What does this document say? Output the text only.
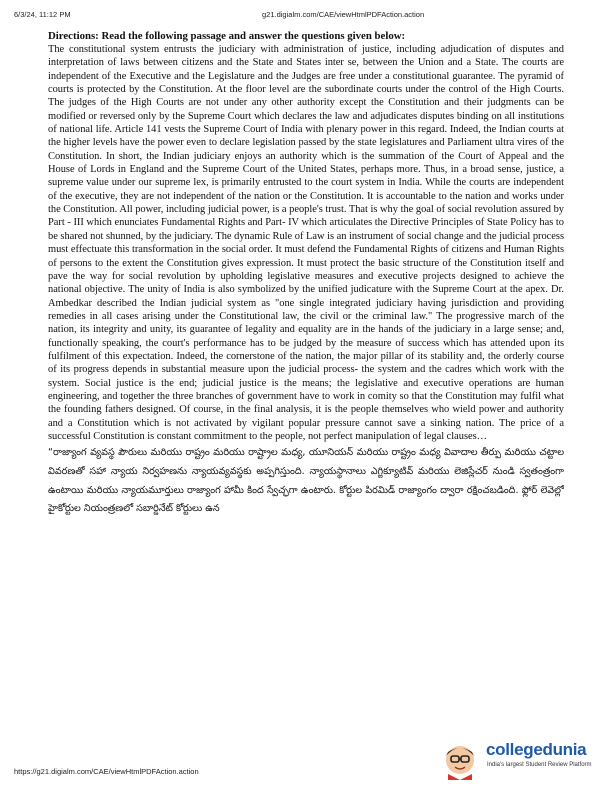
6/3/24, 11:12 PM	g21.digialm.com/CAE/viewHtmlPDFAction.action

Directions: Read the following passage and answer the questions given below:

The constitutional system entrusts the judiciary with administration of justice, including adjudication of disputes and interpretation of laws between citizens and the State and States inter se, between the Union and a State. The courts are independent of the Executive and the Legislature and the Judges are free under a constitutional guarantee. The pyramid of courts is protected by the Constitution. At the floor level are the subordinate courts under the control of the High Courts. The judges of the High Courts are not under any other authority except the Constitution and their judgments can be modified or reversed only by the Supreme Court which declares the law and adjudicates disputes binding on all institutions of national life. Article 141 vests the Supreme Court of India with plenary power in this regard. Indeed, the Indian courts at the higher levels have the power even to declare legislation passed by the state legislatures and Parliament ultra vires of the Constitution. In short, the Indian judiciary enjoys an authority which is the summation of the Court of Appeal and the House of Lords in England and the Supreme Court of the United States, perhaps more. Thus, in a broad sense, justice, a supreme value under our supreme lex, is primarily entrusted to the court system in India. While the courts are independent of the executive, they are not independent of the nation or the Constitution. It is accountable to the nation and works under the Constitution. All power, including judicial power, is a people's trust. That is why the goal of social revolution assured by Part - III which enunciates Fundamental Rights and Part- IV which articulates the Directive Principles of State Policy has to be shared not shunned, by the judiciary. The dynamic Rule of Law is an instrument of social change and the judicial process must effectuate this transformation in the social order. It must defend the Fundamental Rights of citizens and Human Rights of persons to the extent the Constitution gives expression. It must protect the basic structure of the Constitution itself and pave the way for social revolution by upholding legislative measures and executive projects designed to achieve the national objective. The unity of India is also symbolized by the unified judicature with the Supreme Court at the apex. Dr. Ambedkar described the Indian judicial system as "one single integrated judiciary having jurisdiction and providing remedies in all cases arising under the Constitutional law, the civil or the criminal law." The progressive march of the nation, its integrity and unity, its guarantee of legality and equality are in the hands of the judiciary in a large sense; and, functionally speaking, the court's performance has to be judged by the measure of success which has attended upon its fulfilment of this expectation. Indeed, the cornerstone of the nation, the major pillar of its stability and, the orderly course of its progress depends in substantial measure upon the judicial process- the system and the cadres which work with the system. Social justice is the end; judicial justice is the means; the legislative and executive operations are human engineering, and together the three branches of government have to work in comity so that the Constitution may fulfil what the founding fathers designed. Of course, in the final analysis, it is the people themselves who wield power and authority and a Constitution which is not activated by vigilant popular pressure cannot save a sinking nation. The price of a successful Constitution is constant commitment to the people, not perfect manipulation of legal clauses…

“రాజ్యాంగ వ్యవస్థ పౌరులు మరియు రాష్ట్రం మరియు రాష్ట్రాల మధ్య, యూనియన్ మరియు రాష్ట్రం మధ్య వివాదాల తీర్పు మరియు చట్టాల వివరణతో సహా న్యాయ నిర్వహణను న్యాయవ్యవస్థకు అప్పగిస్తుంది. న్యాయస్థానాలు ఎగ్జిక్యూటివ్ మరియు లెజిస్లేచర్ నుండి స్వతంత్రంగా ఉంటాయి మరియు న్యాయమూర్తులు రాజ్యాంగ హామీ కింద స్వేచ్ఛగా ఉంటారు. కోర్టుల పిరమిడ్ రాజ్యాంగం ద్వారా రక్షించబడింది. ఫ్లోర్ లెవెల్లో హైకోర్టుల నియంత్రణలో సబార్డినేట్ కోర్టులు ఉన

https://g21.digialm.com/CAE/viewHtmlPDFAction.action
collegedunia
India's largest Student Review Platform
